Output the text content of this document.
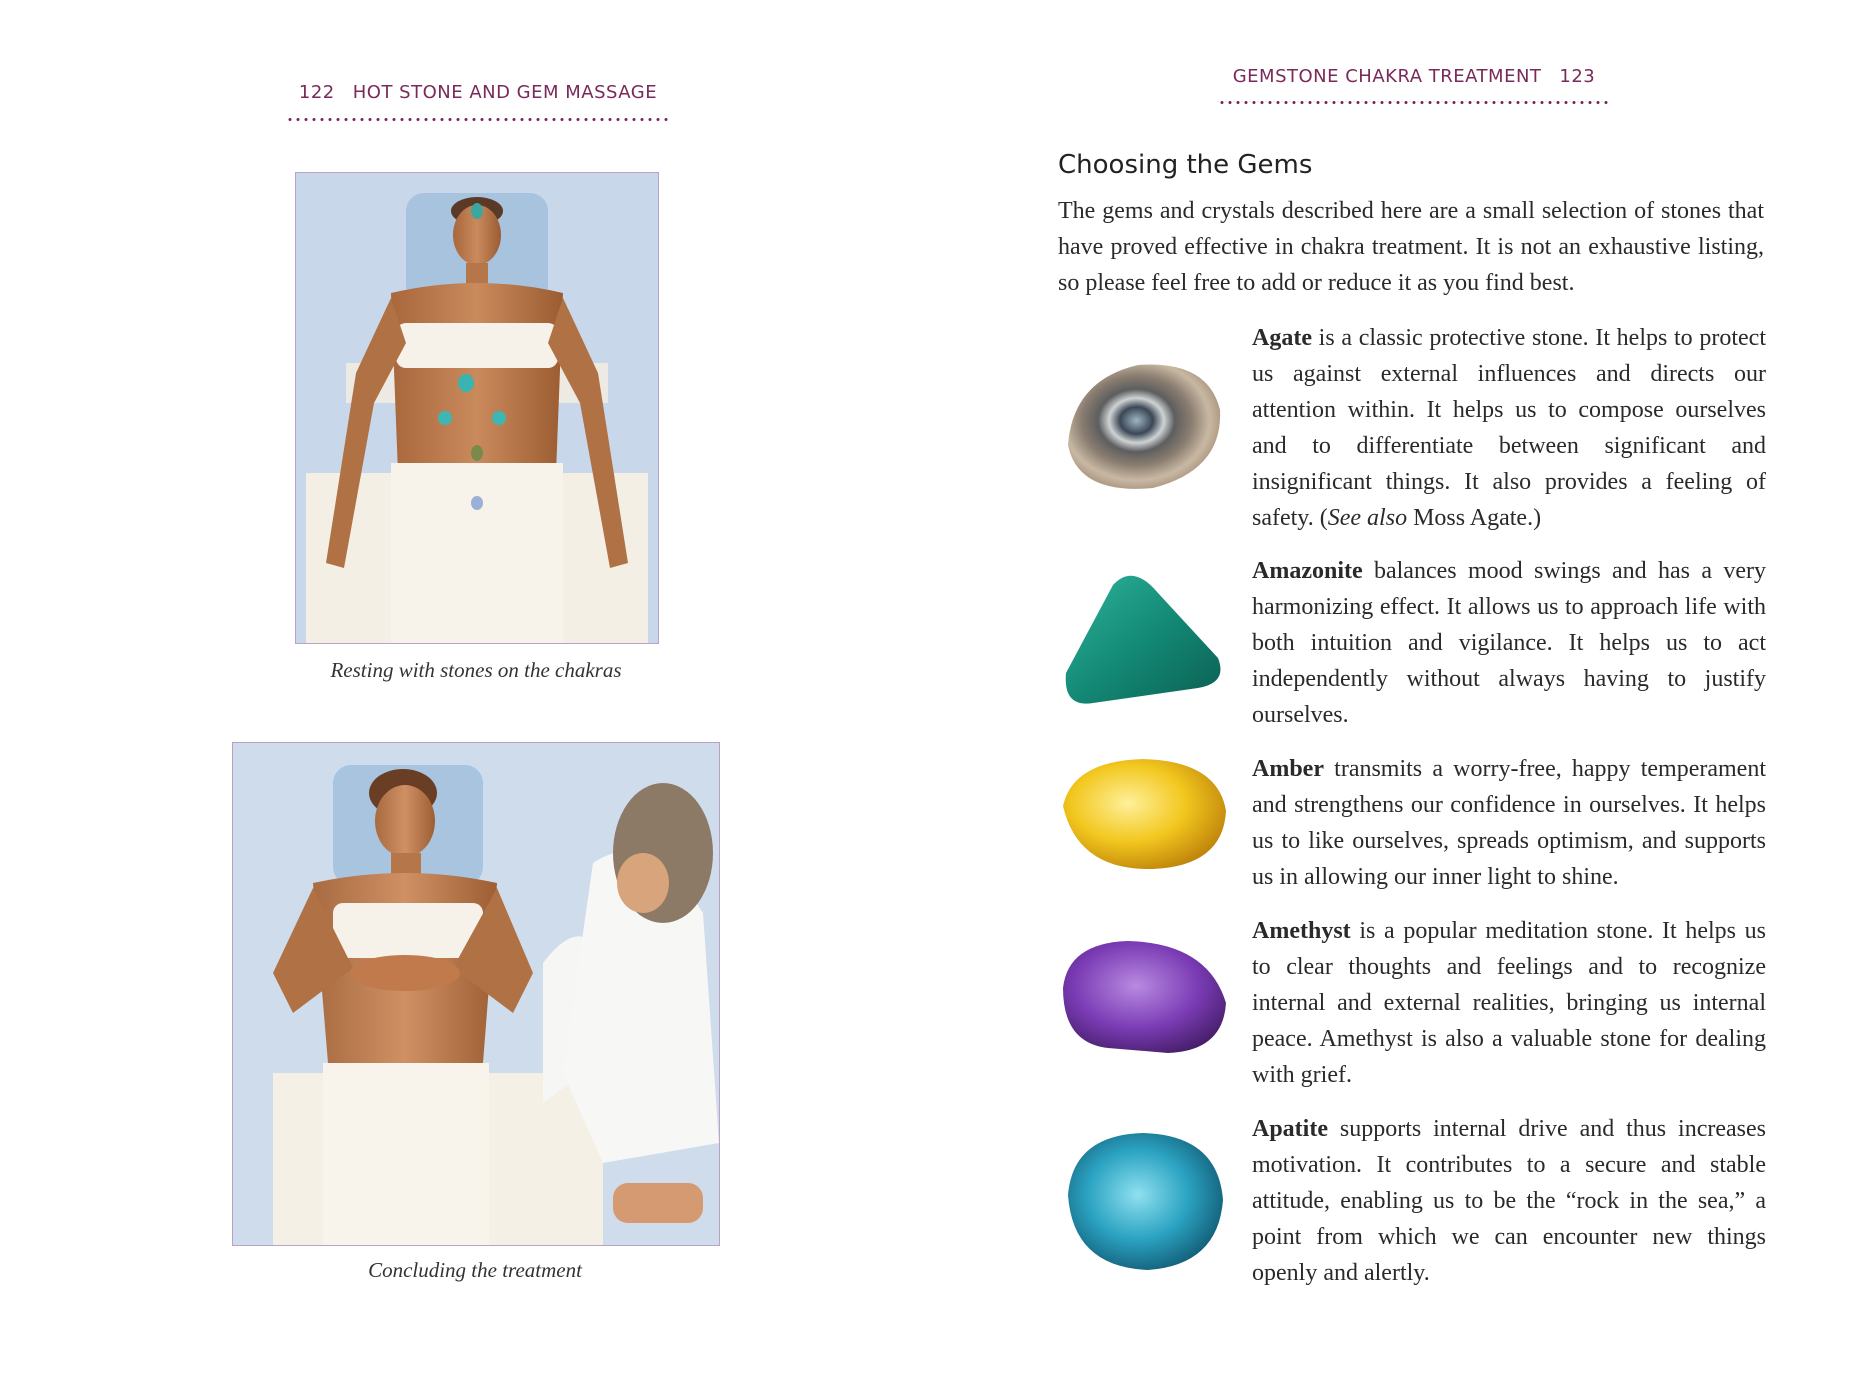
122 HOT STONE AND GEM MASSAGE
Resting with stones on the chakras
Concluding the treatment
GEMSTONE CHAKRA TREATMENT 123
Choosing the Gems

The gems and crystals described here are a small selection of stones that have proved effective in chakra treatment. It is not an exhaustive listing, so please feel free to add or reduce it as you find best.

Agate is a classic protective stone. It helps to protect us against external influences and directs our attention within. It helps us to compose ourselves and to differentiate between significant and insignificant things. It also provides a feeling of safety. (See also Moss Agate.)

Amazonite balances mood swings and has a very harmonizing effect. It allows us to approach life with both intuition and vigilance. It helps us to act independently without always having to justify ourselves.

Amber transmits a worry-free, happy temperament and strengthens our confidence in ourselves. It helps us to like ourselves, spreads optimism, and supports us in allowing our inner light to shine.

Amethyst is a popular meditation stone. It helps us to clear thoughts and feelings and to recognize internal and external realities, bringing us internal peace. Amethyst is also a valuable stone for dealing with grief.

Apatite supports internal drive and thus increases motivation. It contributes to a secure and stable attitude, enabling us to be the “rock in the sea,” a point from which we can encounter new things openly and alertly.
